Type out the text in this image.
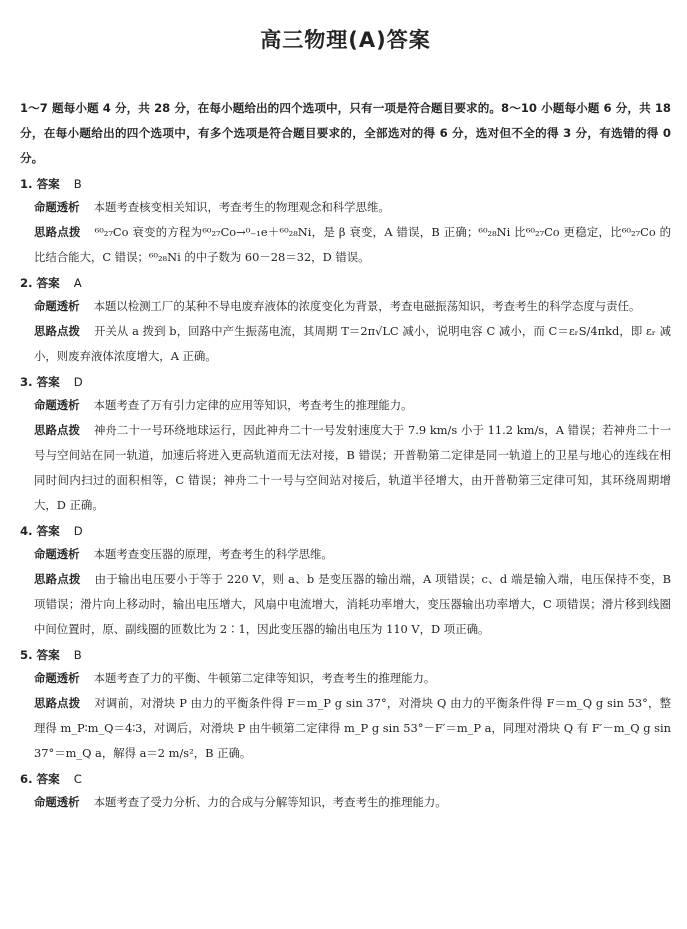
高三物理(A)答案
1～7 题每小题 4 分，共 28 分，在每小题给出的四个选项中，只有一项是符合题目要求的。8～10 小题每小题 6 分，共 18 分，在每小题给出的四个选项中，有多个选项是符合题目要求的，全部选对的得 6 分，选对但不全的得 3 分，有选错的得 0 分。
1. 答案 B
命题透析 本题考查核变相关知识，考查考生的物理观念和科学思维。
思路点拨 ⁶⁰₂₇Co 衰变的方程为⁶⁰₂₇Co→⁰₋₁e＋⁶⁰₂₈Ni，是 β 衰变，A 错误，B 正确；⁶⁰₂₈Ni 比⁶⁰₂₇Co 更稳定，比⁶⁰₂₇Co 的比结合能大，C 错误；⁶⁰₂₈Ni 的中子数为 60－28＝32，D 错误。
2. 答案 A
命题透析 本题以检测工厂的某种不导电废弃液体的浓度变化为背景，考查电磁振荡知识，考查考生的科学态度与责任。
思路点拨 开关从 a 拨到 b，回路中产生振荡电流，其周期 T＝2π√LC 减小，说明电容 C 减小，而 C＝εᵣS/4πkd，即 εᵣ 减小，则废弃液体浓度增大，A 正确。
3. 答案 D
命题透析 本题考查了万有引力定律的应用等知识，考查考生的推理能力。
思路点拨 神舟二十一号环绕地球运行，因此神舟二十一号发射速度大于 7.9 km/s 小于 11.2 km/s，A 错误；若神舟二十一号与空间站在同一轨道，加速后将进入更高轨道而无法对接，B 错误；开普勒第二定律是同一轨道上的卫星与地心的连线在相同时间内扫过的面积相等，C 错误；神舟二十一号与空间站对接后，轨道半径增大，由开普勒第三定律可知，其环绕周期增大，D 正确。
4. 答案 D
命题透析 本题考查变压器的原理，考查考生的科学思维。
思路点拨 由于输出电压要小于等于 220 V，则 a、b 是变压器的输出端，A 项错误；c、d 端是输入端，电压保持不变，B 项错误；滑片向上移动时，输出电压增大，风扇中电流增大，消耗功率增大，变压器输出功率增大，C 项错误；滑片移到线圈中间位置时，原、副线圈的匝数比为 2∶1，因此变压器的输出电压为 110 V，D 项正确。
5. 答案 B
命题透析 本题考查了力的平衡、牛顿第二定律等知识，考查考生的推理能力。
思路点拨 对调前，对滑块 P 由力的平衡条件得 F＝m_P g sin 37°，对滑块 Q 由力的平衡条件得 F＝m_Q g sin 53°，整理得 m_P∶m_Q＝4∶3，对调后，对滑块 P 由牛顿第二定律得 m_P g sin 53°－F′＝m_P a，同理对滑块 Q 有 F′－m_Q g sin 37°＝m_Q a，解得 a＝2 m/s²，B 正确。
6. 答案 C
命题透析 本题考查了受力分析、力的合成与分解等知识，考查考生的推理能力。
